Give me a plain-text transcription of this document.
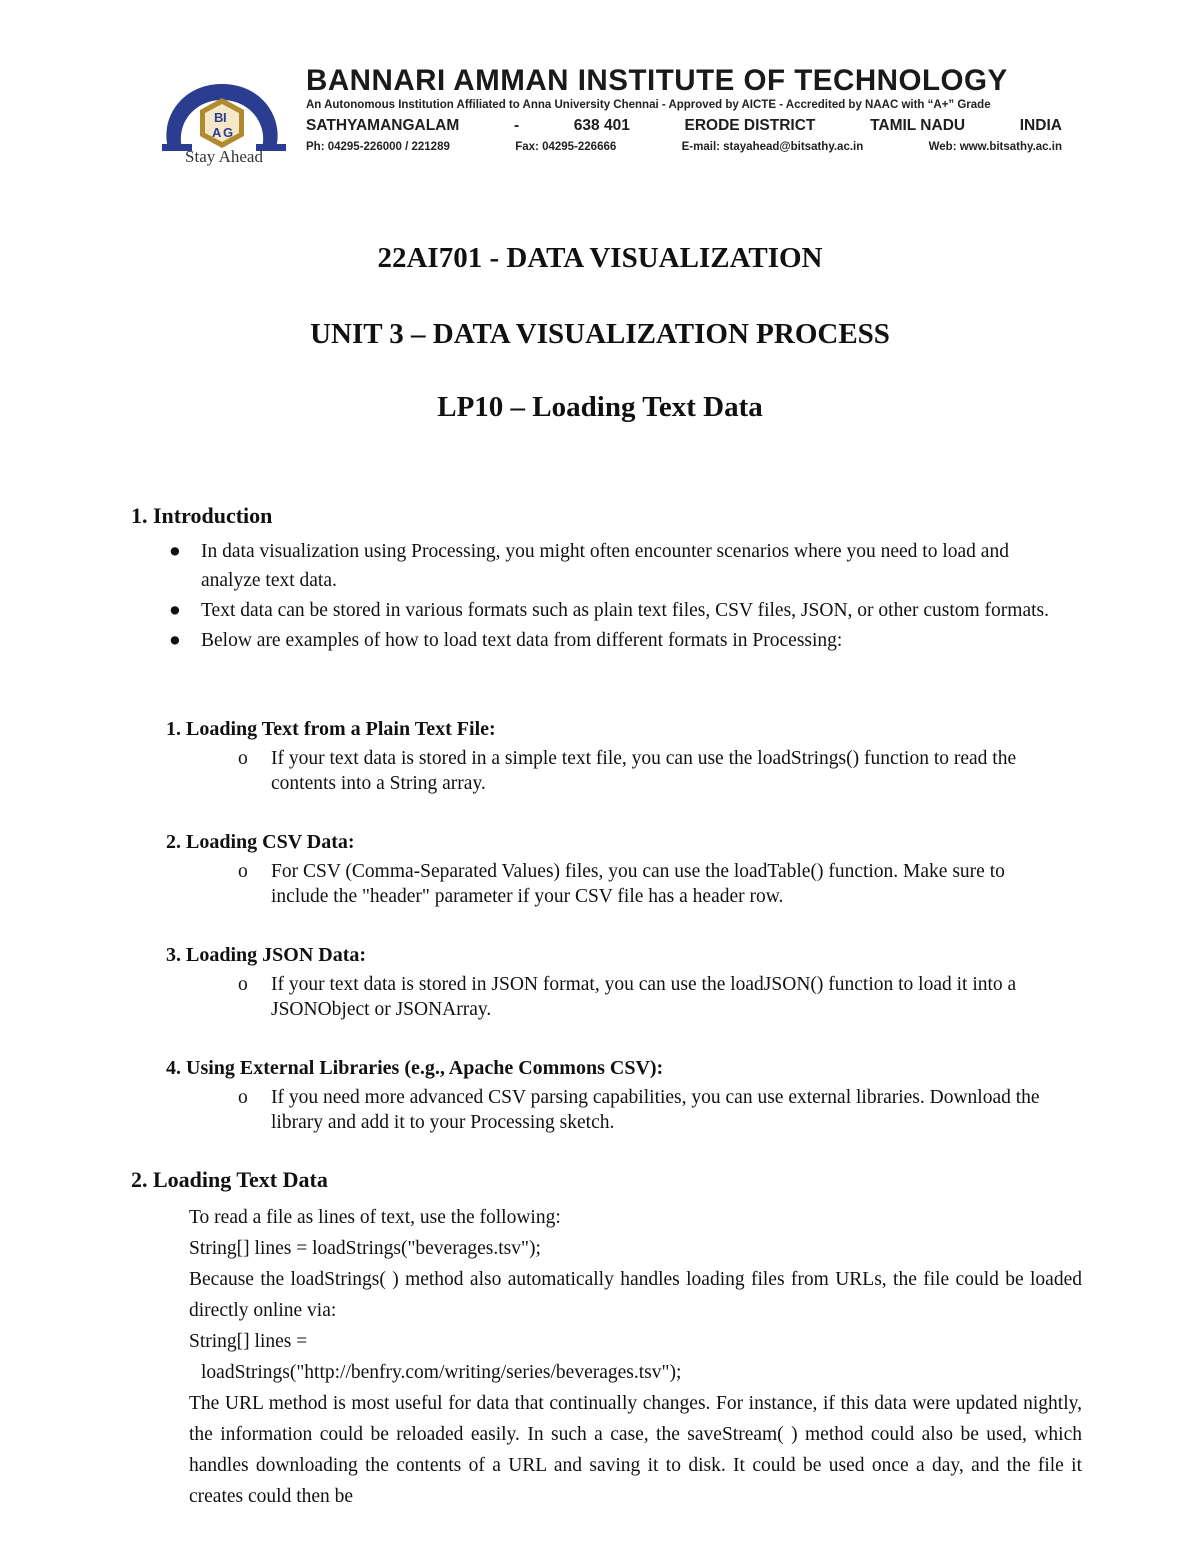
B I
A G
Stay Ahead
BANNARI AMMAN INSTITUTE OF TECHNOLOGY
An Autonomous Institution Affiliated to Anna University Chennai - Approved by AICTE - Accredited by NAAC with “A+” Grade
SATHYAMANGALAM	-	638 401	ERODE DISTRICT	TAMIL NADU	INDIA
Ph: 04295-226000 / 221289	Fax: 04295-226666	E-mail: stayahead@bitsathy.ac.in	Web: www.bitsathy.ac.in
22AI701 - DATA VISUALIZATION
UNIT 3 – DATA VISUALIZATION PROCESS
LP10 – Loading Text Data
1. Introduction
● In data visualization using Processing, you might often encounter scenarios where you need to load and analyze text data.
● Text data can be stored in various formats such as plain text files, CSV files, JSON, or other custom formats.
● Below are examples of how to load text data from different formats in Processing:
1. Loading Text from a Plain Text File:
o If your text data is stored in a simple text file, you can use the loadStrings() function to read the contents into a String array.
2. Loading CSV Data:
o For CSV (Comma-Separated Values) files, you can use the loadTable() function. Make sure to include the "header" parameter if your CSV file has a header row.
3. Loading JSON Data:
o If your text data is stored in JSON format, you can use the loadJSON() function to load it into a JSONObject or JSONArray.
4. Using External Libraries (e.g., Apache Commons CSV):
o If you need more advanced CSV parsing capabilities, you can use external libraries. Download the library and add it to your Processing sketch.
2. Loading Text Data
To read a file as lines of text, use the following:
String[] lines = loadStrings("beverages.tsv");
Because the loadStrings( ) method also automatically handles loading files from URLs, the file could be loaded directly online via:
String[] lines =
loadStrings("http://benfry.com/writing/series/beverages.tsv");
The URL method is most useful for data that continually changes. For instance, if this data were updated nightly, the information could be reloaded easily. In such a case, the saveStream( ) method could also be used, which handles downloading the contents of a URL and saving it to disk. It could be used once a day, and the file it creates could then be
